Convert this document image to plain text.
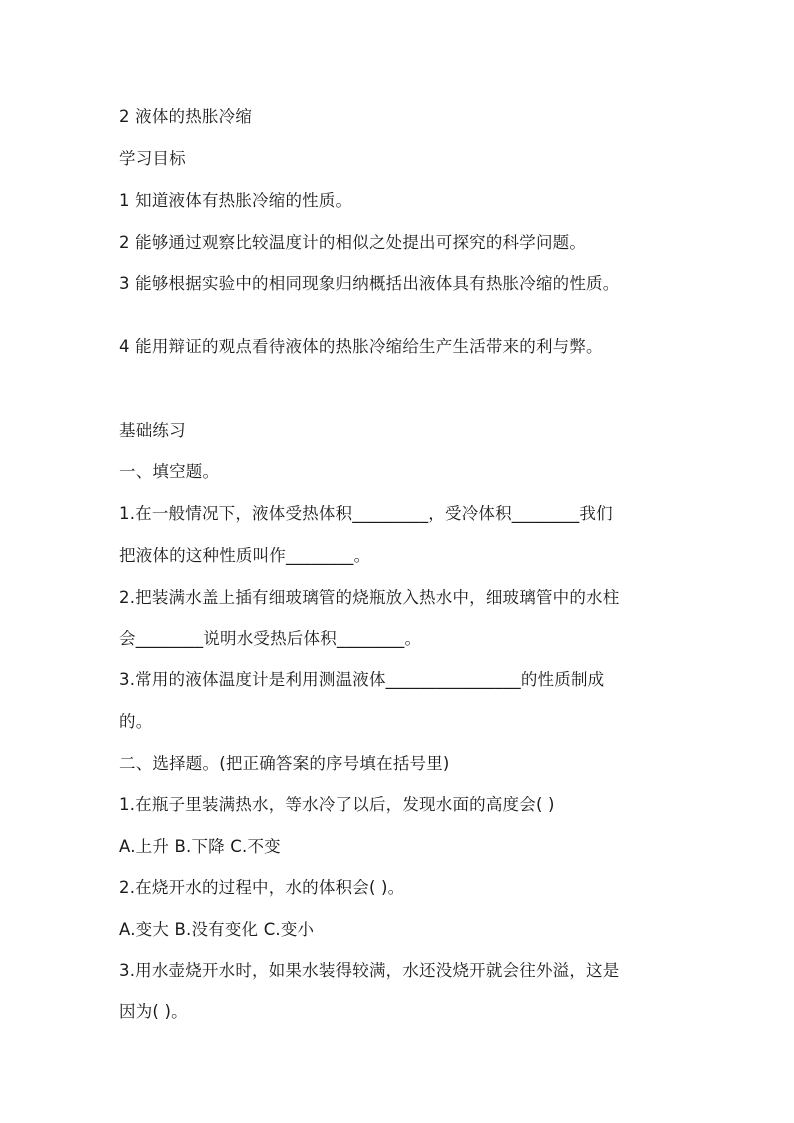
2 液体的热胀冷缩
学习目标
1 知道液体有热胀冷缩的性质。
2 能够通过观察比较温度计的相似之处提出可探究的科学问题。
3 能够根据实验中的相同现象归纳概括出液体具有热胀冷缩的性质。
4 能用辩证的观点看待液体的热胀冷缩给生产生活带来的利与弊。
基础练习
一、填空题。
1.在一般情况下，液体受热体积_________，受冷体积________我们
把液体的这种性质叫作________。
2.把装满水盖上插有细玻璃管的烧瓶放入热水中，细玻璃管中的水柱
会________说明水受热后体积________。
3.常用的液体温度计是利用测温液体________________的性质制成
的。
二、选择题。(把正确答案的序号填在括号里)
1.在瓶子里装满热水，等水冷了以后，发现水面的高度会( )
A.上升 B.下降 C.不变
2.在烧开水的过程中，水的体积会( )。
A.变大 B.没有变化 C.变小
3.用水壶烧开水时，如果水装得较满，水还没烧开就会往外溢，这是
因为( )。
